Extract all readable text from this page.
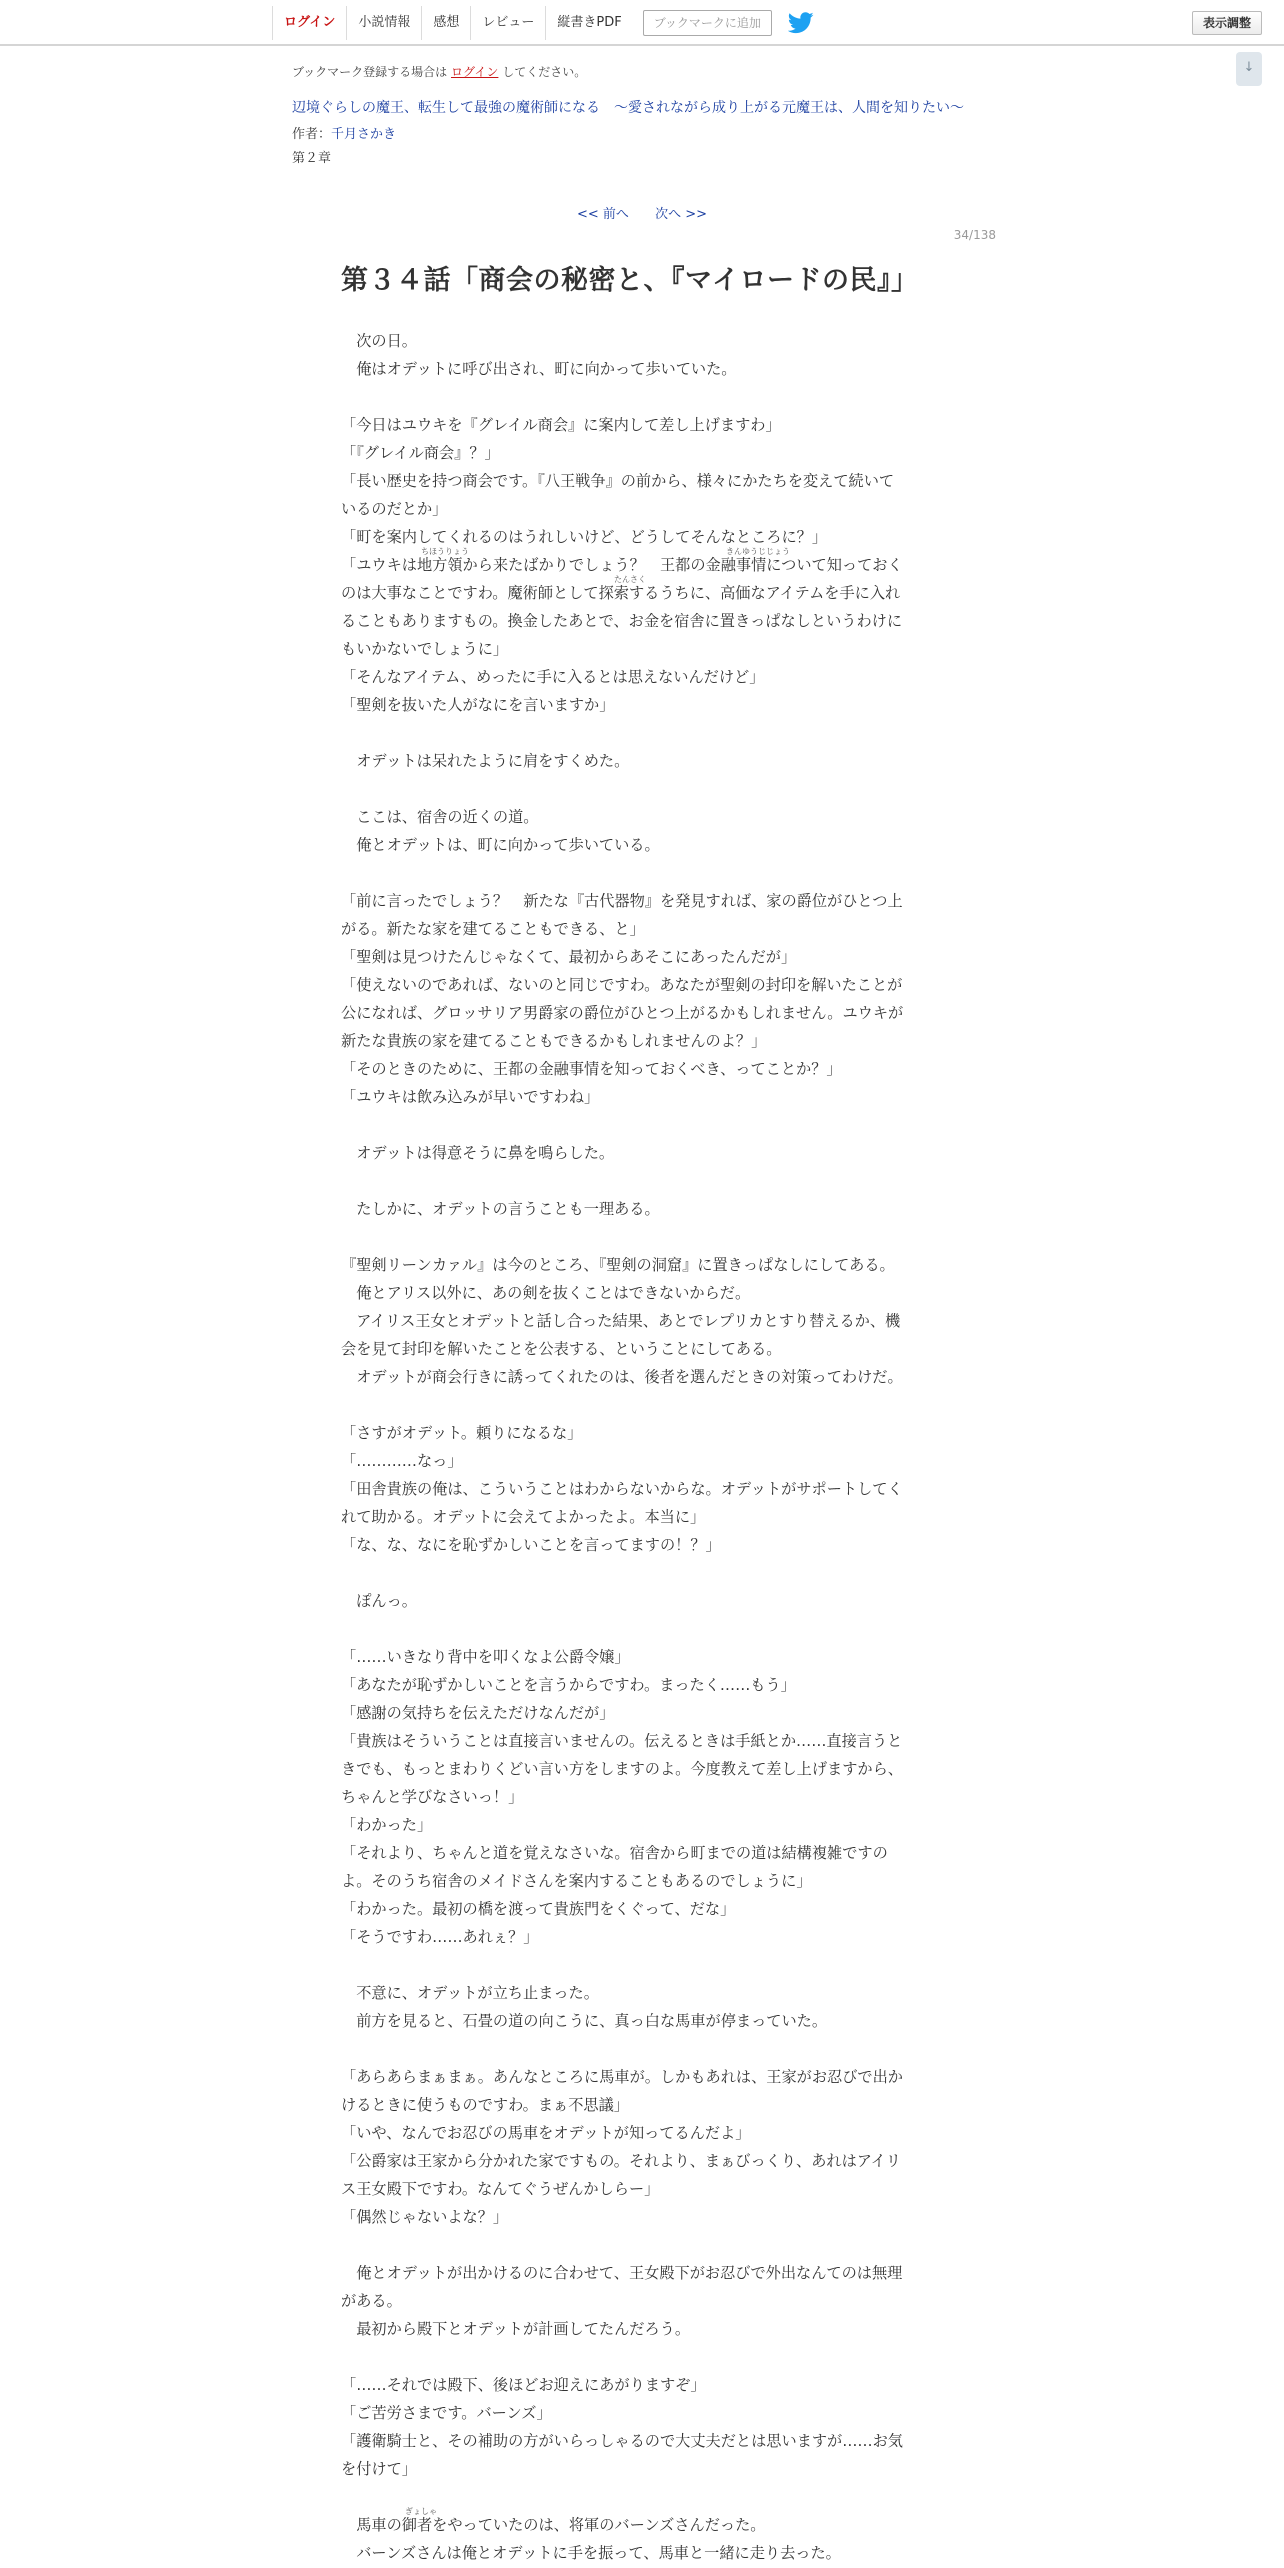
ログイン	小説情報	感想	レビュー	縦書きPDF	ブックマークに追加	表示調整
↓
ブックマーク登録する場合は ログイン してください。
辺境ぐらしの魔王、転生して最強の魔術師になる　〜愛されながら成り上がる元魔王は、人間を知りたい〜
作者：千月さかき
第２章
<< 前へ 次へ >>
34/138
第３４話「商会の秘密と、『マイロードの民』」
　次の日。
　俺はオデットに呼び出され、町に向かって歩いていた。
「今日はユウキを『グレイル商会』に案内して差し上げますわ」
「『グレイル商会』？」
「長い歴史を持つ商会です。『八王戦争』の前から、様々にかたちを変えて続いて
いるのだとか」
「町を案内してくれるのはうれしいけど、どうしてそんなところに？」
「ユウキは地方領から来たばかりでしょう？　王都の金融事情について知っておく
ちほうりょう	きんゆうじじょう
のは大事なことですわ。魔術師として探索するうちに、高価なアイテムを手に入れ
たんさく
ることもありますもの。換金したあとで、お金を宿舎に置きっぱなしというわけに
もいかないでしょうに」
「そんなアイテム、めったに手に入るとは思えないんだけど」
「聖剣を抜いた人がなにを言いますか」
　オデットは呆れたように肩をすくめた。
　ここは、宿舎の近くの道。
　俺とオデットは、町に向かって歩いている。
「前に言ったでしょう？　新たな『古代器物』を発見すれば、家の爵位がひとつ上
がる。新たな家を建てることもできる、と」
「聖剣は見つけたんじゃなくて、最初からあそこにあったんだが」
「使えないのであれば、ないのと同じですわ。あなたが聖剣の封印を解いたことが
公になれば、グロッサリア男爵家の爵位がひとつ上がるかもしれません。ユウキが
新たな貴族の家を建てることもできるかもしれませんのよ？」
「そのときのために、王都の金融事情を知っておくべき、ってことか？」
「ユウキは飲み込みが早いですわね」
　オデットは得意そうに鼻を鳴らした。
　たしかに、オデットの言うことも一理ある。
『聖剣リーンカァル』は今のところ、『聖剣の洞窟』に置きっぱなしにしてある。
　俺とアリス以外に、あの剣を抜くことはできないからだ。
　アイリス王女とオデットと話し合った結果、あとでレプリカとすり替えるか、機
会を見て封印を解いたことを公表する、ということにしてある。
　オデットが商会行きに誘ってくれたのは、後者を選んだときの対策ってわけだ。
「さすがオデット。頼りになるな」
「…………なっ」
「田舎貴族の俺は、こういうことはわからないからな。オデットがサポートしてく
れて助かる。オデットに会えてよかったよ。本当に」
「な、な、なにを恥ずかしいことを言ってますの！？」
　ぽんっ。
「……いきなり背中を叩くなよ公爵令嬢」
「あなたが恥ずかしいことを言うからですわ。まったく……もう」
「感謝の気持ちを伝えただけなんだが」
「貴族はそういうことは直接言いませんの。伝えるときは手紙とか……直接言うと
きでも、もっとまわりくどい言い方をしますのよ。今度教えて差し上げますから、
ちゃんと学びなさいっ！」
「わかった」
「それより、ちゃんと道を覚えなさいな。宿舎から町までの道は結構複雑ですの
よ。そのうち宿舎のメイドさんを案内することもあるのでしょうに」
「わかった。最初の橋を渡って貴族門をくぐって、だな」
「そうですわ……あれぇ？」
　不意に、オデットが立ち止まった。
　前方を見ると、石畳の道の向こうに、真っ白な馬車が停まっていた。
「あらあらまぁまぁ。あんなところに馬車が。しかもあれは、王家がお忍びで出か
けるときに使うものですわ。まぁ不思議」
「いや、なんでお忍びの馬車をオデットが知ってるんだよ」
「公爵家は王家から分かれた家ですもの。それより、まぁびっくり、あれはアイリ
ス王女殿下ですわ。なんてぐうぜんかしらー」
「偶然じゃないよな？」
　俺とオデットが出かけるのに合わせて、王女殿下がお忍びで外出なんてのは無理
がある。
　最初から殿下とオデットが計画してたんだろう。
「……それでは殿下、後ほどお迎えにあがりますぞ」
「ご苦労さまです。バーンズ」
「護衛騎士と、その補助の方がいらっしゃるので大丈夫だとは思いますが……お気
を付けて」
　馬車の御者をやっていたのは、将軍のバーンズさんだった。
ぎょしゃ
　バーンズさんは俺とオデットに手を振って、馬車と一緒に走り去った。
